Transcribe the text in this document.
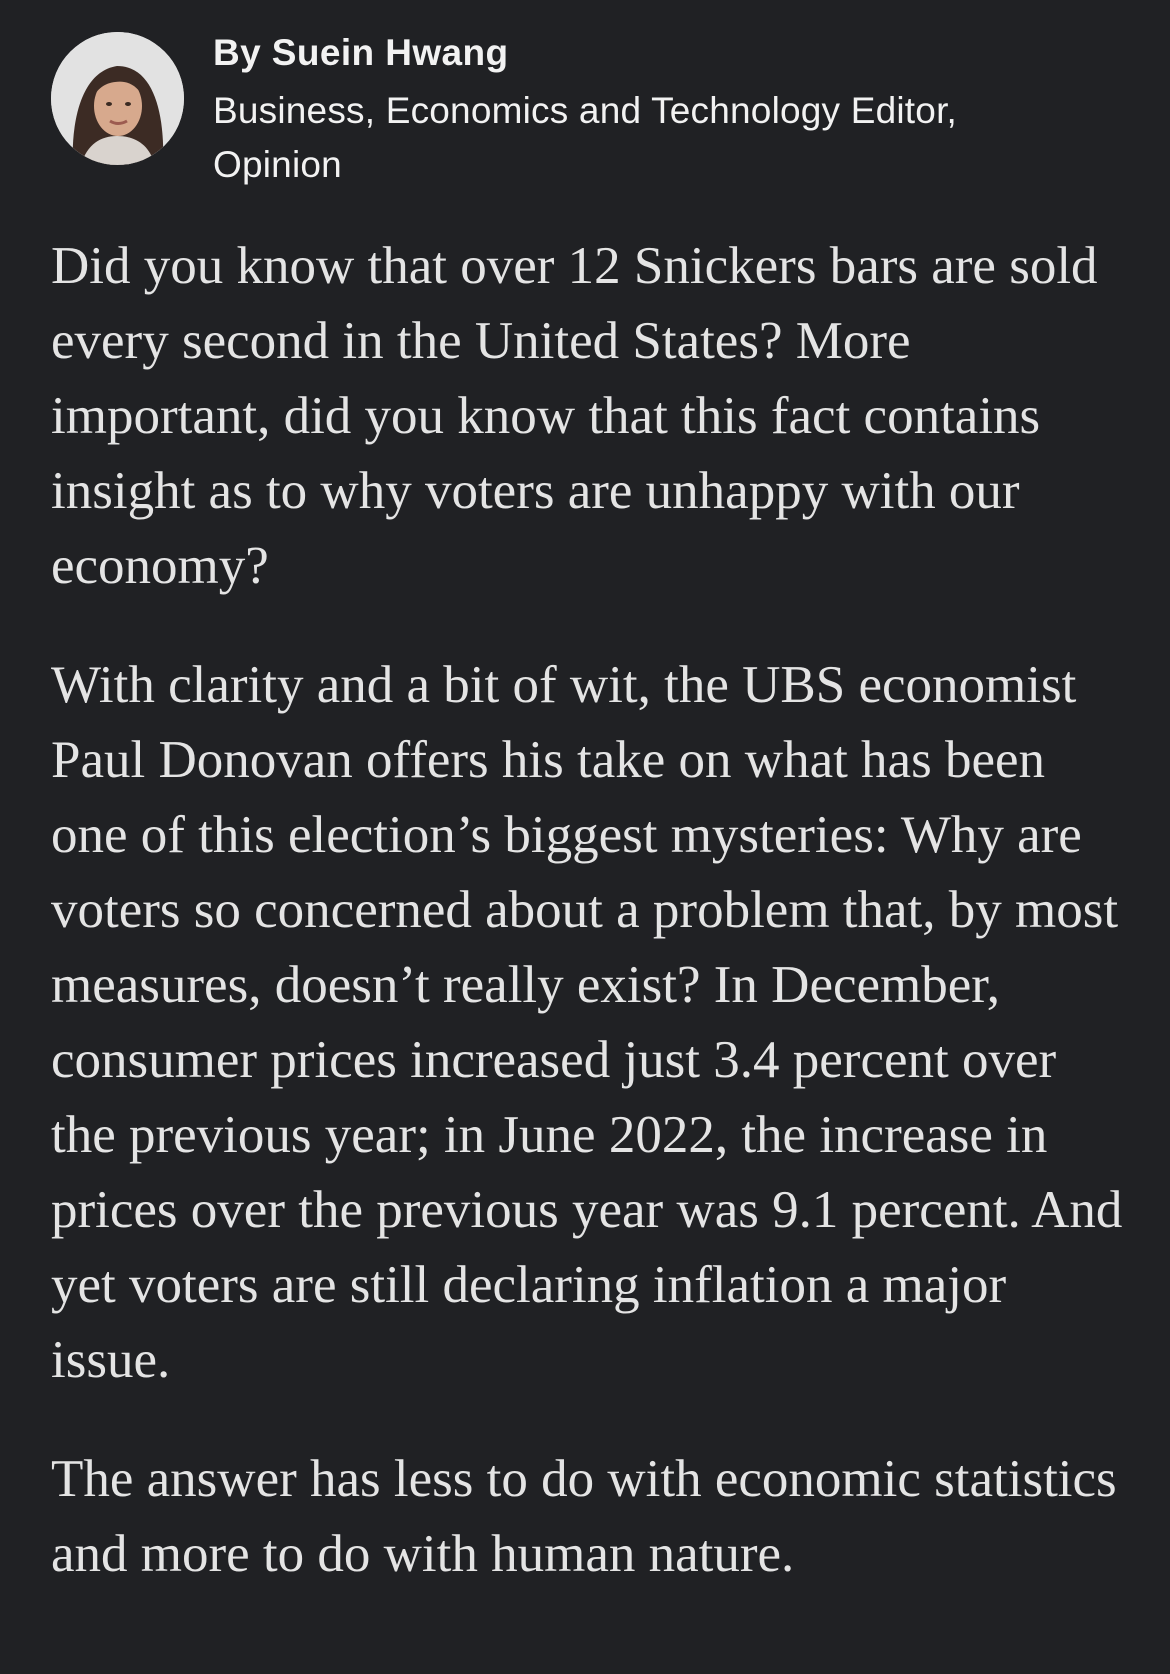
By Suein Hwang
Business, Economics and Technology Editor, Opinion

Did you know that over 12 Snickers bars are sold every second in the United States? More important, did you know that this fact contains insight as to why voters are unhappy with our economy?

With clarity and a bit of wit, the UBS economist Paul Donovan offers his take on what has been one of this election’s biggest mysteries: Why are voters so concerned about a problem that, by most measures, doesn’t really exist? In December, consumer prices increased just 3.4 percent over the previous year; in June 2022, the increase in prices over the previous year was 9.1 percent. And yet voters are still declaring inflation a major issue.

The answer has less to do with economic statistics and more to do with human nature.
